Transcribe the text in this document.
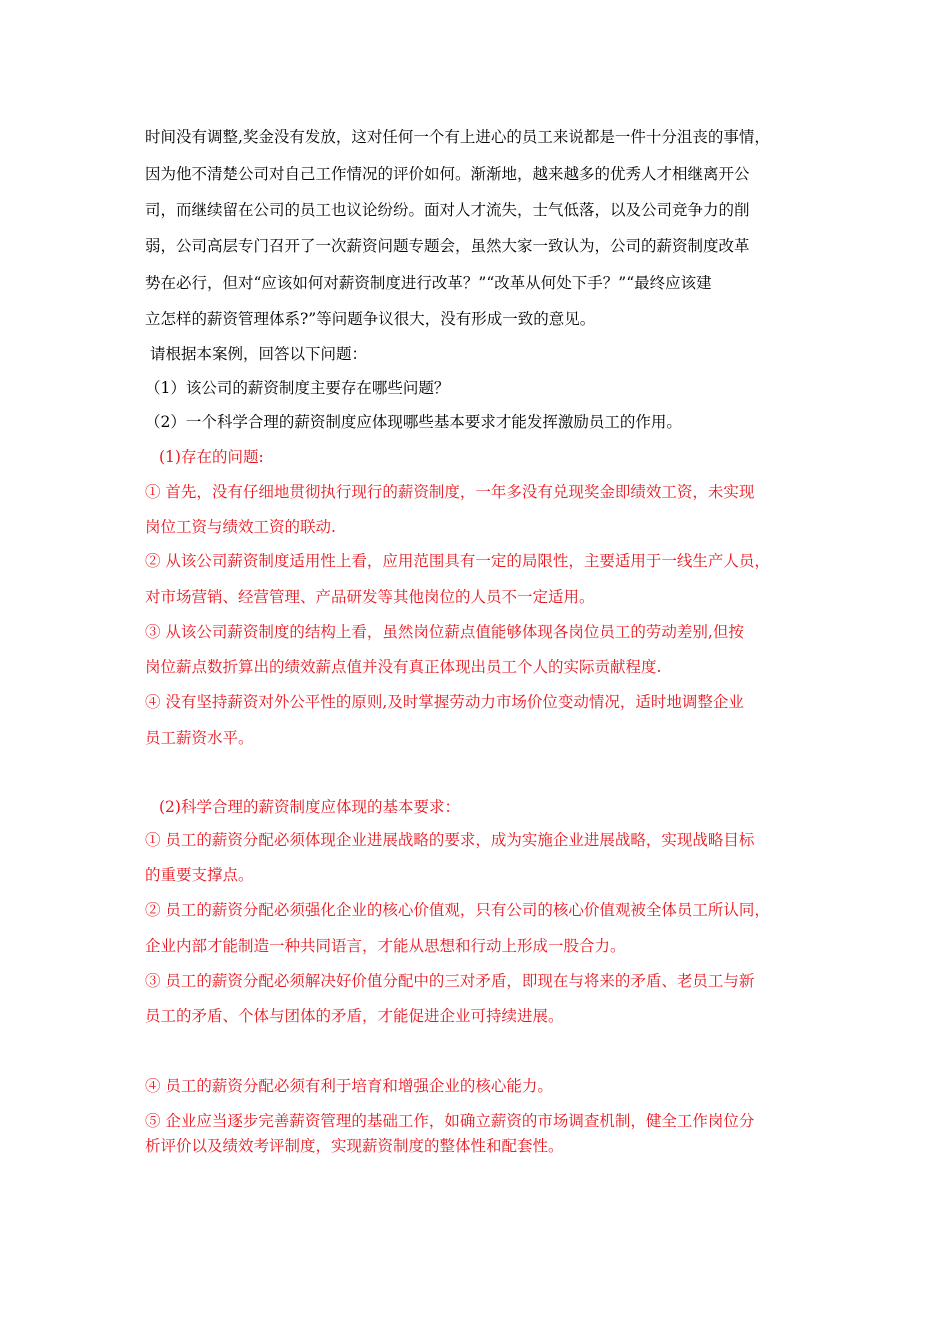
时间没有调整,奖金没有发放，这对任何一个有上进心的员工来说都是一件十分沮丧的事情，
因为他不清楚公司对自己工作情况的评价如何。渐渐地，越来越多的优秀人才相继离开公
司，而继续留在公司的员工也议论纷纷。面对人才流失，士气低落，以及公司竞争力的削
弱，公司高层专门召开了一次薪资问题专题会，虽然大家一致认为，公司的薪资制度改革
势在必行，但对“应该如何对薪资制度进行改革？”“改革从何处下手？”“最终应该建
立怎样的薪资管理体系?”等问题争议很大，没有形成一致的意见。
请根据本案例，回答以下问题：
（1）该公司的薪资制度主要存在哪些问题？
（2）一个科学合理的薪资制度应体现哪些基本要求才能发挥激励员工的作用。
(1)存在的问题:
① 首先，没有仔细地贯彻执行现行的薪资制度，一年多没有兑现奖金即绩效工资，未实现
岗位工资与绩效工资的联动.
② 从该公司薪资制度适用性上看，应用范围具有一定的局限性，主要适用于一线生产人员，
对市场营销、经营管理、产品研发等其他岗位的人员不一定适用。
③ 从该公司薪资制度的结构上看，虽然岗位薪点值能够体现各岗位员工的劳动差别,但按
岗位薪点数折算出的绩效薪点值并没有真正体现出员工个人的实际贡献程度.
④ 没有坚持薪资对外公平性的原则,及时掌握劳动力市场价位变动情况，适时地调整企业
员工薪资水平。
(2)科学合理的薪资制度应体现的基本要求：
① 员工的薪资分配必须体现企业进展战略的要求，成为实施企业进展战略，实现战略目标
的重要支撑点。
② 员工的薪资分配必须强化企业的核心价值观，只有公司的核心价值观被全体员工所认同，
企业内部才能制造一种共同语言，才能从思想和行动上形成一股合力。
③ 员工的薪资分配必须解决好价值分配中的三对矛盾，即现在与将来的矛盾、老员工与新
员工的矛盾、个体与团体的矛盾，才能促进企业可持续进展。
④ 员工的薪资分配必须有利于培育和增强企业的核心能力。
⑤ 企业应当逐步完善薪资管理的基础工作，如确立薪资的市场调查机制，健全工作岗位分
析评价以及绩效考评制度，实现薪资制度的整体性和配套性。
